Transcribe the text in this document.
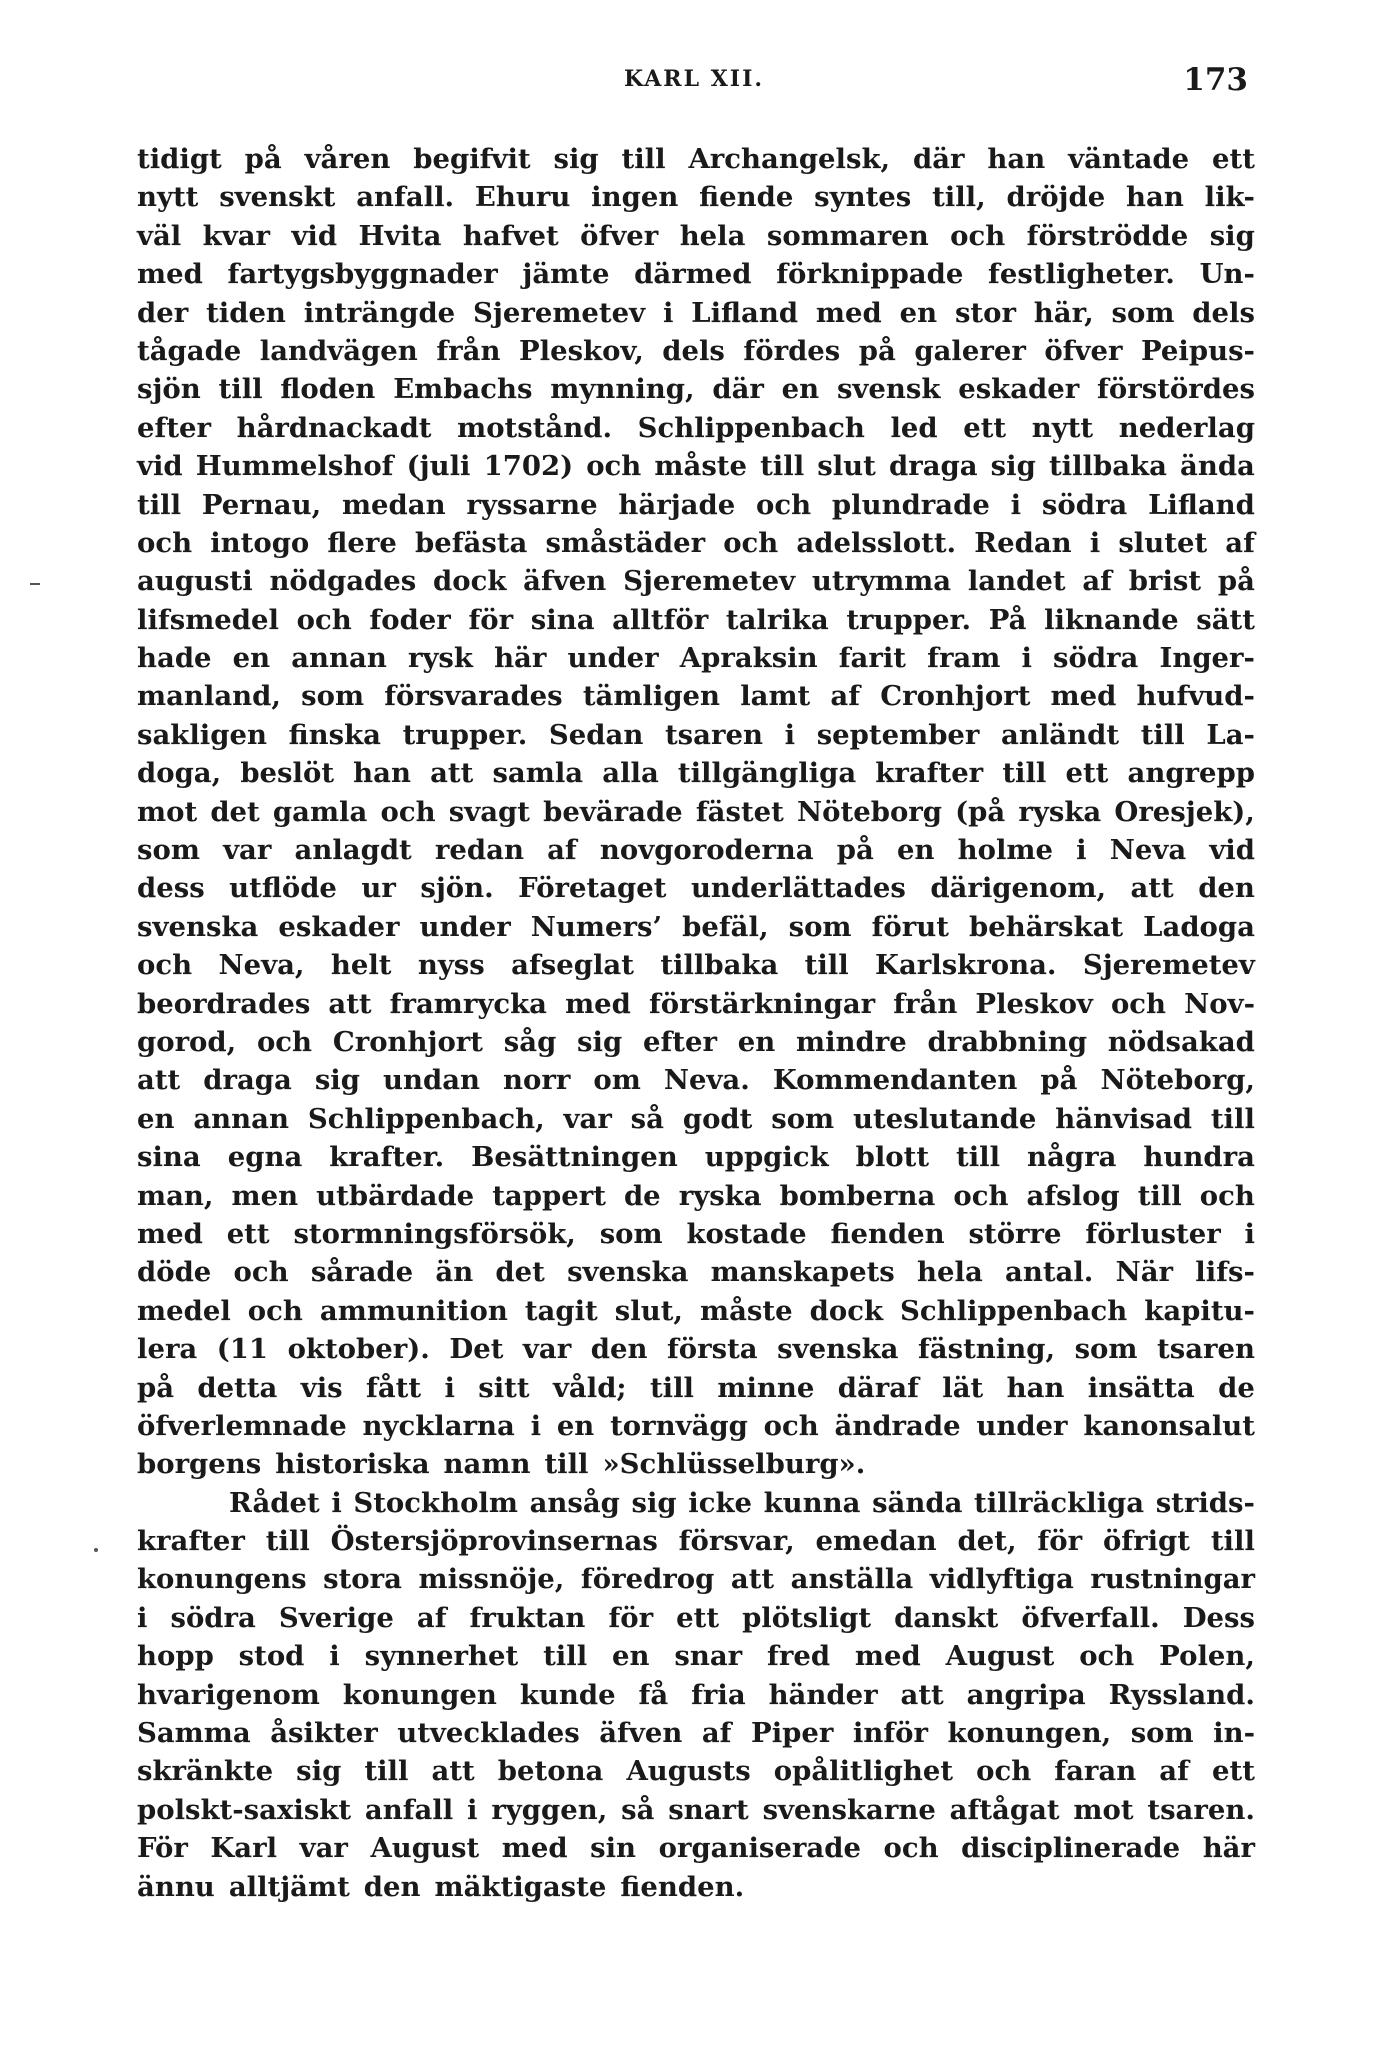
KARL XII.	173
tidigt på våren begifvit sig till Archangelsk, där han väntade ett
nytt svenskt anfall. Ehuru ingen fiende syntes till, dröjde han lik-
väl kvar vid Hvita hafvet öfver hela sommaren och förströdde sig
med fartygsbyggnader jämte därmed förknippade festligheter. Un-
der tiden inträngde Sjeremetev i Lifland med en stor här, som dels
tågade landvägen från Pleskov, dels fördes på galerer öfver Peipus-
sjön till floden Embachs mynning, där en svensk eskader förstördes
efter hårdnackadt motstånd. Schlippenbach led ett nytt nederlag
vid Hummelshof (juli 1702) och måste till slut draga sig tillbaka ända
till Pernau, medan ryssarne härjade och plundrade i södra Lifland
och intogo flere befästa småstäder och adelsslott. Redan i slutet af
augusti nödgades dock äfven Sjeremetev utrymma landet af brist på
lifsmedel och foder för sina alltför talrika trupper. På liknande sätt
hade en annan rysk här under Apraksin farit fram i södra Inger-
manland, som försvarades tämligen lamt af Cronhjort med hufvud-
sakligen finska trupper. Sedan tsaren i september anländt till La-
doga, beslöt han att samla alla tillgängliga krafter till ett angrepp
mot det gamla och svagt bevärade fästet Nöteborg (på ryska Oresjek),
som var anlagdt redan af novgoroderna på en holme i Neva vid
dess utflöde ur sjön. Företaget underlättades därigenom, att den
svenska eskader under Numers’ befäl, som förut behärskat Ladoga
och Neva, helt nyss afseglat tillbaka till Karlskrona. Sjeremetev
beordrades att framrycka med förstärkningar från Pleskov och Nov-
gorod, och Cronhjort såg sig efter en mindre drabbning nödsakad
att draga sig undan norr om Neva. Kommendanten på Nöteborg,
en annan Schlippenbach, var så godt som uteslutande hänvisad till
sina egna krafter. Besättningen uppgick blott till några hundra
man, men utbärdade tappert de ryska bomberna och afslog till och
med ett stormningsförsök, som kostade fienden större förluster i
döde och sårade än det svenska manskapets hela antal. När lifs-
medel och ammunition tagit slut, måste dock Schlippenbach kapitu-
lera (11 oktober). Det var den första svenska fästning, som tsaren
på detta vis fått i sitt våld; till minne däraf lät han insätta de
öfverlemnade nycklarna i en tornvägg och ändrade under kanonsalut
borgens historiska namn till »Schlüsselburg».
Rådet i Stockholm ansåg sig icke kunna sända tillräckliga strids-
krafter till Östersjöprovinsernas försvar, emedan det, för öfrigt till
konungens stora missnöje, föredrog att anställa vidlyftiga rustningar
i södra Sverige af fruktan för ett plötsligt danskt öfverfall. Dess
hopp stod i synnerhet till en snar fred med August och Polen,
hvarigenom konungen kunde få fria händer att angripa Ryssland.
Samma åsikter utvecklades äfven af Piper inför konungen, som in-
skränkte sig till att betona Augusts opålitlighet och faran af ett
polskt-saxiskt anfall i ryggen, så snart svenskarne aftågat mot tsaren.
För Karl var August med sin organiserade och disciplinerade här
ännu alltjämt den mäktigaste fienden.
